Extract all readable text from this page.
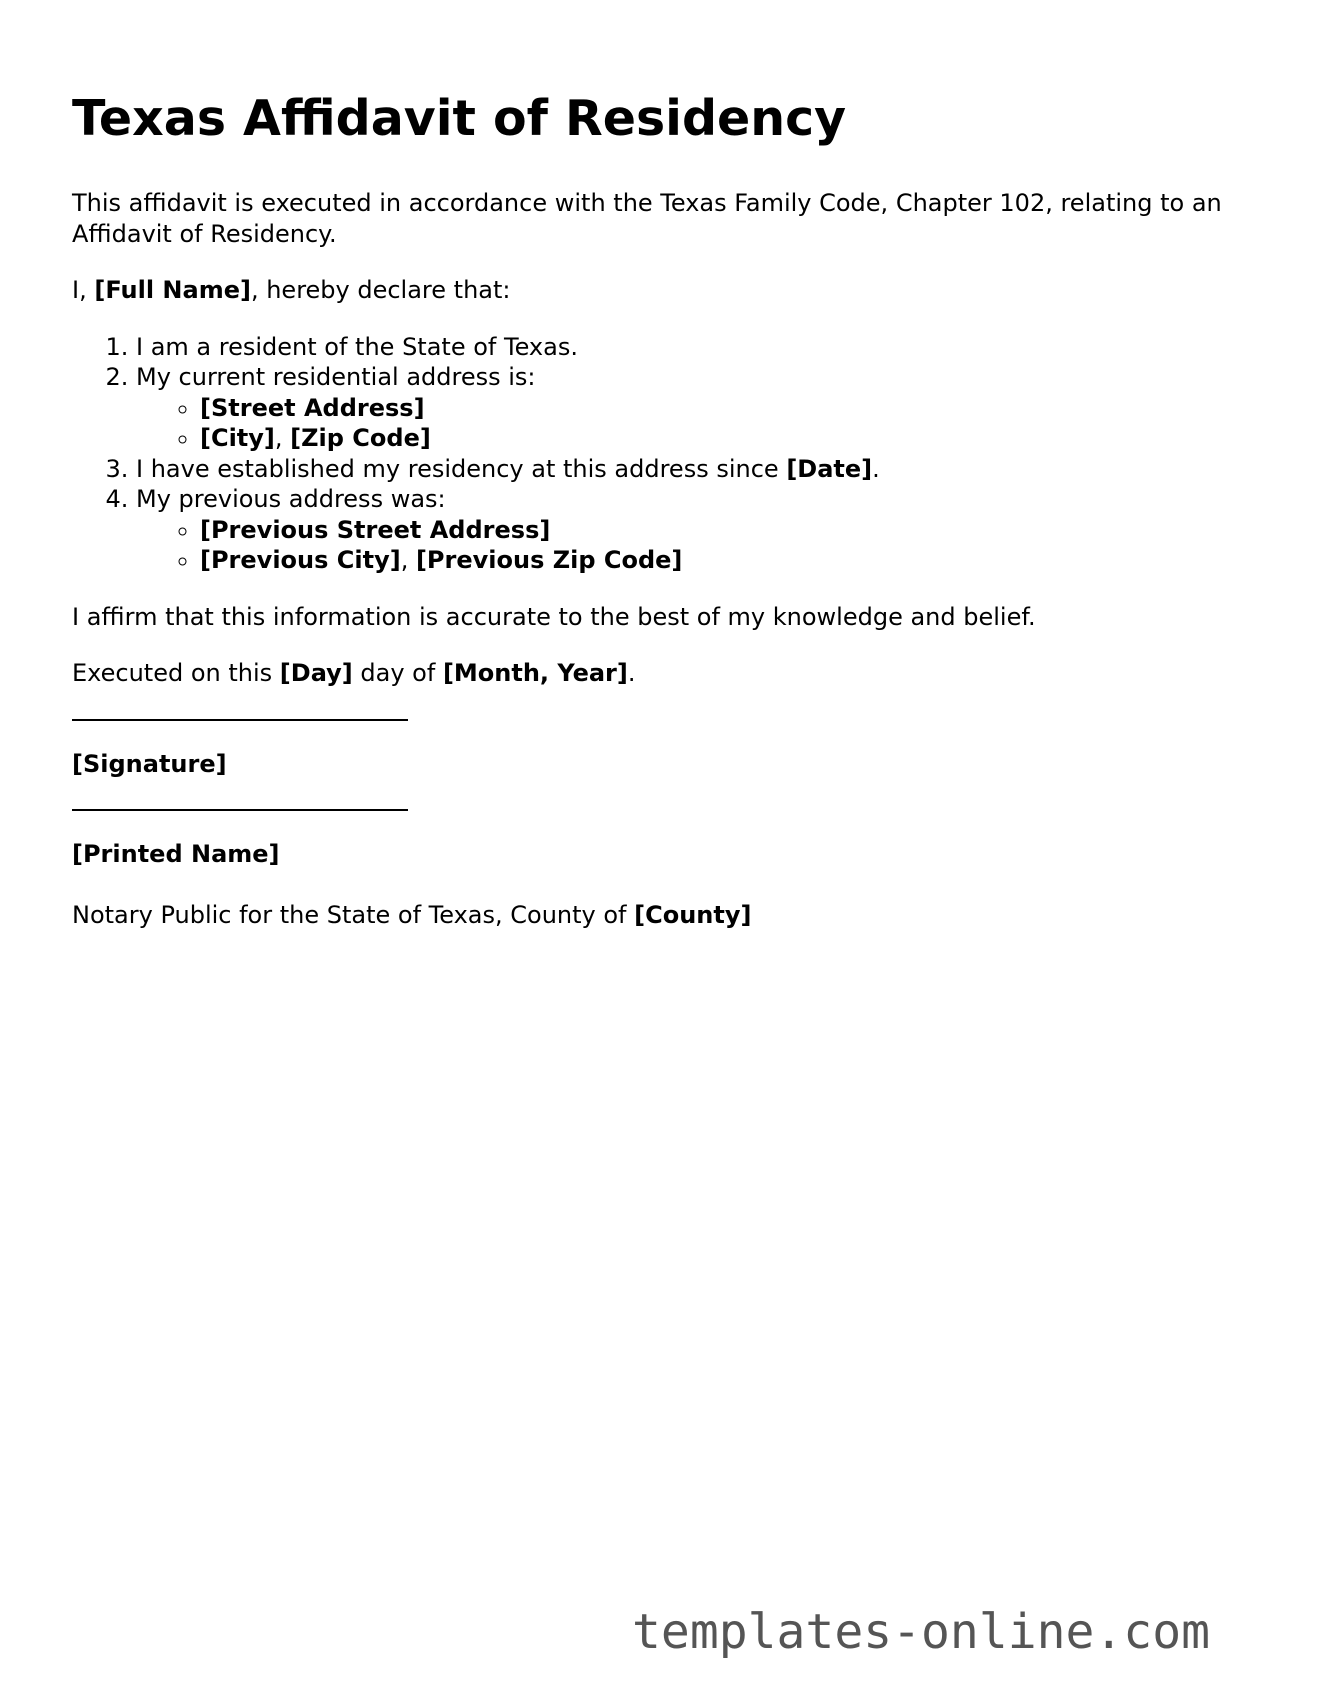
Texas Affidavit of Residency

This affidavit is executed in accordance with the Texas Family Code, Chapter 102, relating to an Affidavit of Residency.

I, [Full Name], hereby declare that:

1. I am a resident of the State of Texas.
2. My current residential address is:
◦ [Street Address]
◦ [City], [Zip Code]
3. I have established my residency at this address since [Date].
4. My previous address was:
◦ [Previous Street Address]
◦ [Previous City], [Previous Zip Code]

I affirm that this information is accurate to the best of my knowledge and belief.

Executed on this [Day] day of [Month, Year].

[Signature]

[Printed Name]

Notary Public for the State of Texas, County of [County]

templates-online.com
